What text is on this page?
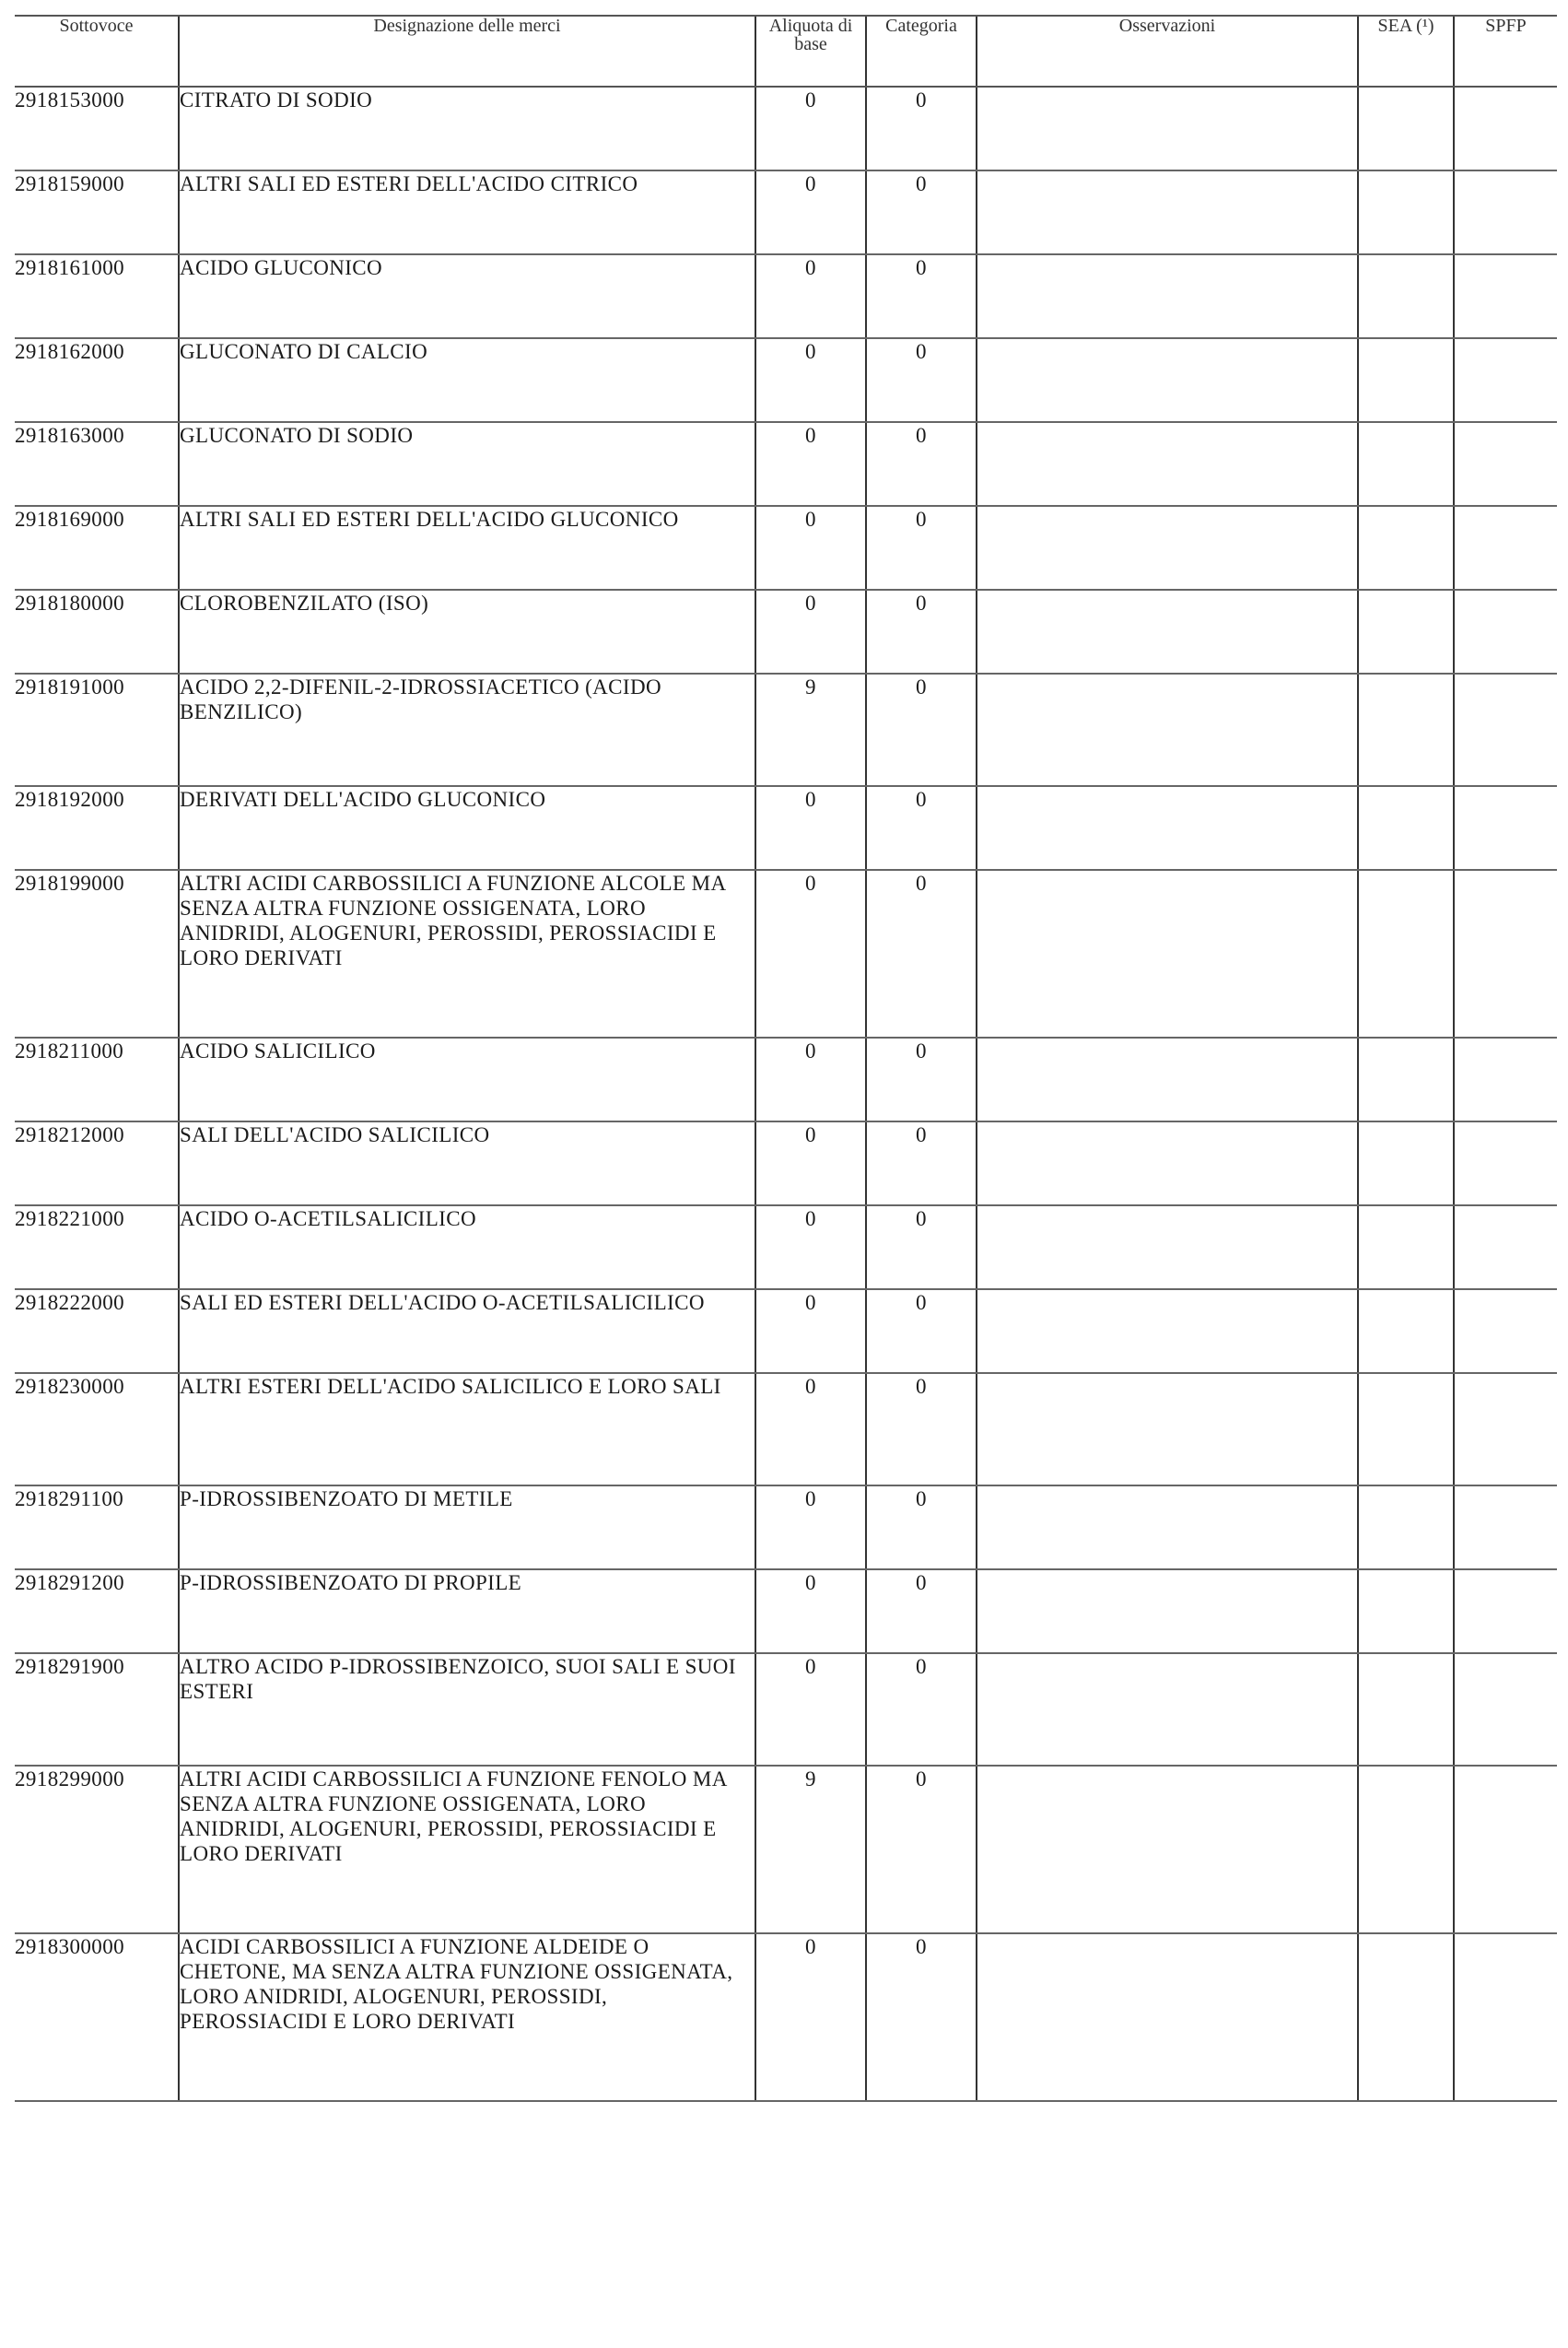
Sottovoce	Designazione delle merci	Aliquota di base	Categoria	Osservazioni	SEA (¹)	SPFP
2918153000	CITRATO DI SODIO	0	0			
2918159000	ALTRI SALI ED ESTERI DELL'ACIDO CITRICO	0	0			
2918161000	ACIDO GLUCONICO	0	0			
2918162000	GLUCONATO DI CALCIO	0	0			
2918163000	GLUCONATO DI SODIO	0	0			
2918169000	ALTRI SALI ED ESTERI DELL'ACIDO GLUCONICO	0	0			
2918180000	CLOROBENZILATO (ISO)	0	0			
2918191000	ACIDO 2,2-DIFENIL-2-IDROSSIACETICO (ACIDO BENZILICO)	9	0			
2918192000	DERIVATI DELL'ACIDO GLUCONICO	0	0			
2918199000	ALTRI ACIDI CARBOSSILICI A FUNZIONE ALCOLE MA SENZA ALTRA FUNZIONE OSSIGENATA, LORO ANIDRIDI, ALOGENURI, PEROSSIDI, PEROSSIACIDI E LORO DERIVATI	0	0			
2918211000	ACIDO SALICILICO	0	0			
2918212000	SALI DELL'ACIDO SALICILICO	0	0			
2918221000	ACIDO O-ACETILSALICILICO	0	0			
2918222000	SALI ED ESTERI DELL'ACIDO O-ACETILSALICILICO	0	0			
2918230000	ALTRI ESTERI DELL'ACIDO SALICILICO E LORO SALI	0	0			
2918291100	P-IDROSSIBENZOATO DI METILE	0	0			
2918291200	P-IDROSSIBENZOATO DI PROPILE	0	0			
2918291900	ALTRO ACIDO P-IDROSSIBENZOICO, SUOI SALI E SUOI ESTERI	0	0			
2918299000	ALTRI ACIDI CARBOSSILICI A FUNZIONE FENOLO MA SENZA ALTRA FUNZIONE OSSIGENATA, LORO ANIDRIDI, ALOGENURI, PEROSSIDI, PEROSSIACIDI E LORO DERIVATI	9	0			
2918300000	ACIDI CARBOSSILICI A FUNZIONE ALDEIDE O CHETONE, MA SENZA ALTRA FUNZIONE OSSIGENATA, LORO ANIDRIDI, ALOGENURI, PEROSSIDI, PEROSSIACIDI E LORO DERIVATI	0	0			
